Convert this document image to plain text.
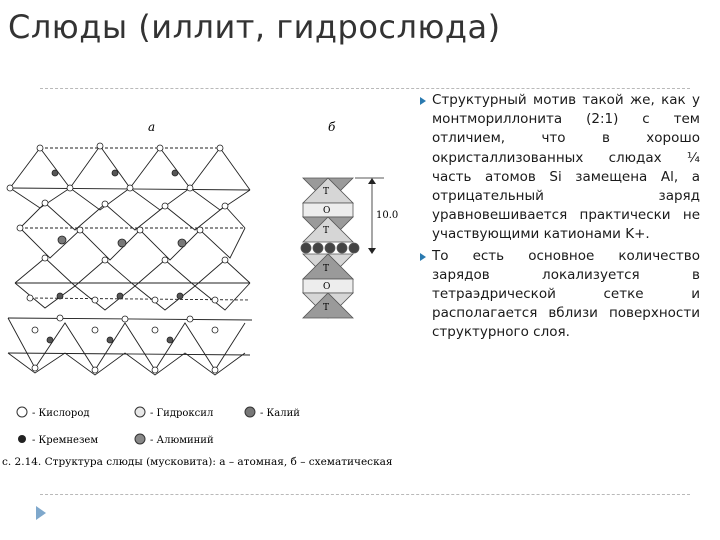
Слюды (иллит, гидрослюда)
а	б
Т
О
Т
Т
О
Т
10.0
- Кислород	- Гидроксил	- Калий
- Кремнезем	- Алюминий
с. 2.14. Структура слюды (мусковита): а – атомная, б – схематическая
Структурный мотив такой же, как у монтмориллонита (2:1) с тем отличием, что в хорошо окристаллизованных слюдах ¼ часть атомов Si замещена Al, а отрицательный заряд уравновешивается практически не участвующими катионами K+.
То есть основное количество зарядов локализуется в тетраэдрической сетке и располагается вблизи поверхности структурного слоя.
